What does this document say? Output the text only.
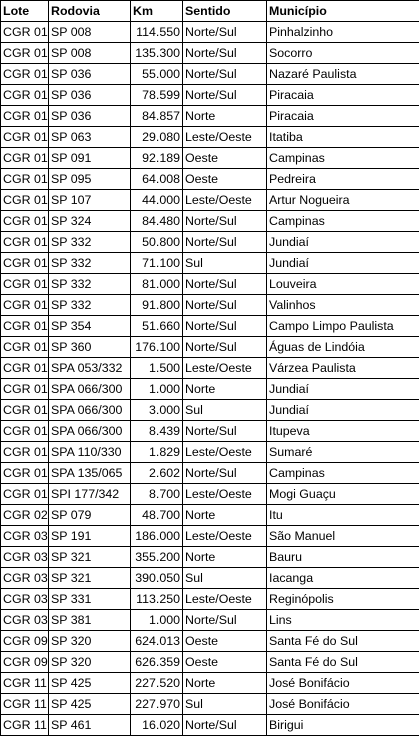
Lote	Rodovia	Km	Sentido	Município
CGR 01	SP 008	114.550	Norte/Sul	Pinhalzinho
CGR 01	SP 008	135.300	Norte/Sul	Socorro
CGR 01	SP 036	55.000	Norte/Sul	Nazaré Paulista
CGR 01	SP 036	78.599	Norte/Sul	Piracaia
CGR 01	SP 036	84.857	Norte	Piracaia
CGR 01	SP 063	29.080	Leste/Oeste	Itatiba
CGR 01	SP 091	92.189	Oeste	Campinas
CGR 01	SP 095	64.008	Oeste	Pedreira
CGR 01	SP 107	44.000	Leste/Oeste	Artur Nogueira
CGR 01	SP 324	84.480	Norte/Sul	Campinas
CGR 01	SP 332	50.800	Norte/Sul	Jundiaí
CGR 01	SP 332	71.100	Sul	Jundiaí
CGR 01	SP 332	81.000	Norte/Sul	Louveira
CGR 01	SP 332	91.800	Norte/Sul	Valinhos
CGR 01	SP 354	51.660	Norte/Sul	Campo Limpo Paulista
CGR 01	SP 360	176.100	Norte/Sul	Águas de Lindóia
CGR 01	SPA 053/332	1.500	Leste/Oeste	Várzea Paulista
CGR 01	SPA 066/300	1.000	Norte	Jundiaí
CGR 01	SPA 066/300	3.000	Sul	Jundiaí
CGR 01	SPA 066/300	8.439	Norte/Sul	Itupeva
CGR 01	SPA 110/330	1.829	Leste/Oeste	Sumaré
CGR 01	SPA 135/065	2.602	Norte/Sul	Campinas
CGR 01	SPI 177/342	8.700	Leste/Oeste	Mogi Guaçu
CGR 02	SP 079	48.700	Norte	Itu
CGR 03	SP 191	186.000	Leste/Oeste	São Manuel
CGR 03	SP 321	355.200	Norte	Bauru
CGR 03	SP 321	390.050	Sul	Iacanga
CGR 03	SP 331	113.250	Leste/Oeste	Reginópolis
CGR 03	SP 381	1.000	Norte/Sul	Lins
CGR 09	SP 320	624.013	Oeste	Santa Fé do Sul
CGR 09	SP 320	626.359	Oeste	Santa Fé do Sul
CGR 11	SP 425	227.520	Norte	José Bonifácio
CGR 11	SP 425	227.970	Sul	José Bonifácio
CGR 11	SP 461	16.020	Norte/Sul	Birigui
